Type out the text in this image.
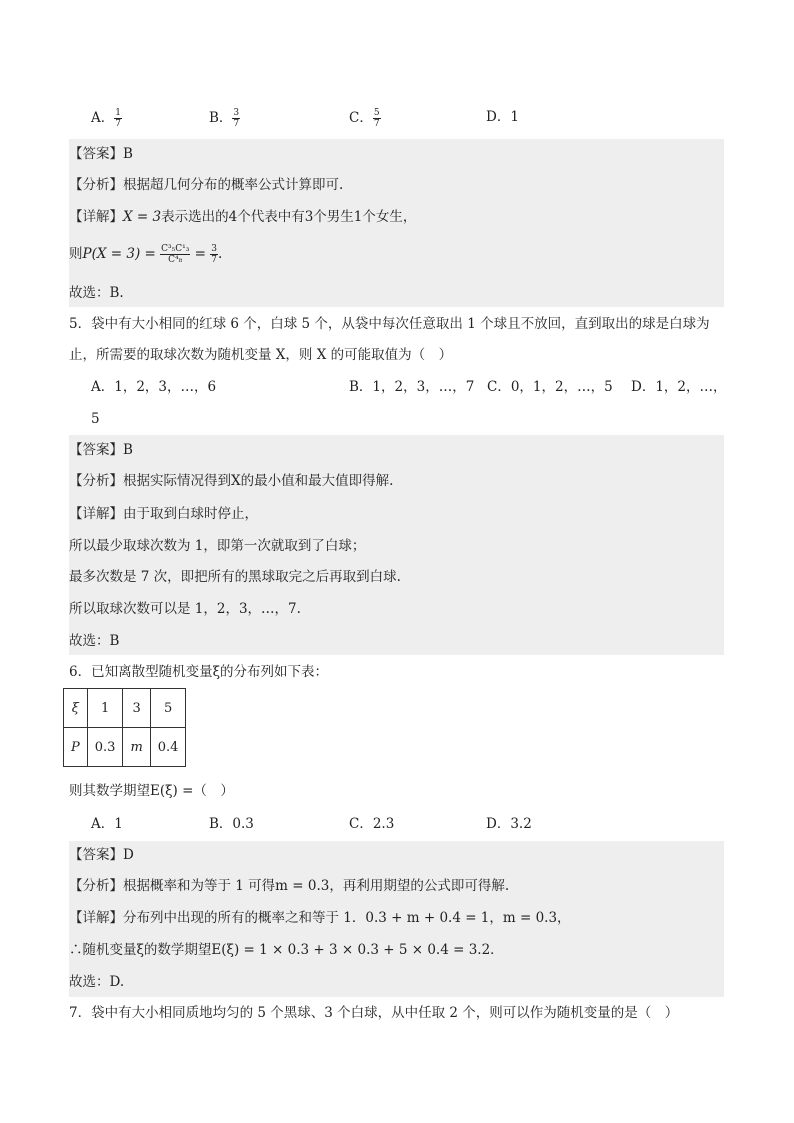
A． $\frac{1}{7}$	B． $\frac{3}{7}$	C． $\frac{5}{7}$	D．1
【答案】B
【分析】根据超几何分布的概率公式计算即可.
【详解】X = 3表示选出的4个代表中有3个男生1个女生，
则$P(X = 3) = \frac{\text{C³₅C¹₃}}{\text{C⁴₈}} = \frac{3}{7}$ .
故选：B.
5．袋中有大小相同的红球 6 个，白球 5 个，从袋中每次任意取出 1 个球且不放回，直到取出的球是白球为
止，所需要的取球次数为随机变量 X，则 X 的可能取值为（　）
A．1，2，3，…，6	B．1，2，3，…，7 C．0，1，2，…，5 D．1，2，…，
5
【答案】B
【分析】根据实际情况得到X的最小值和最大值即得解.
【详解】由于取到白球时停止，
所以最少取球次数为 1，即第一次就取到了白球；
最多次数是 7 次，即把所有的黑球取完之后再取到白球.
所以取球次数可以是 1，2，3，…，7.
故选：B
6．已知离散型随机变量ξ的分布列如下表：
ξ	1	3	5
P	0.3	m	0.4
则其数学期望E(ξ) =（　）
A．1	B．0.3	C．2.3	D．3.2
【答案】D
【分析】根据概率和为等于 1 可得m = 0.3，再利用期望的公式即可得解.
【详解】分布列中出现的所有的概率之和等于 1．0.3 + m + 0.4 = 1，m = 0.3，
∴随机变量ξ的数学期望E(ξ) = 1 × 0.3 + 3 × 0.3 + 5 × 0.4 = 3.2．
故选：D.
7．袋中有大小相同质地均匀的 5 个黑球、3 个白球，从中任取 2 个，则可以作为随机变量的是（　）
